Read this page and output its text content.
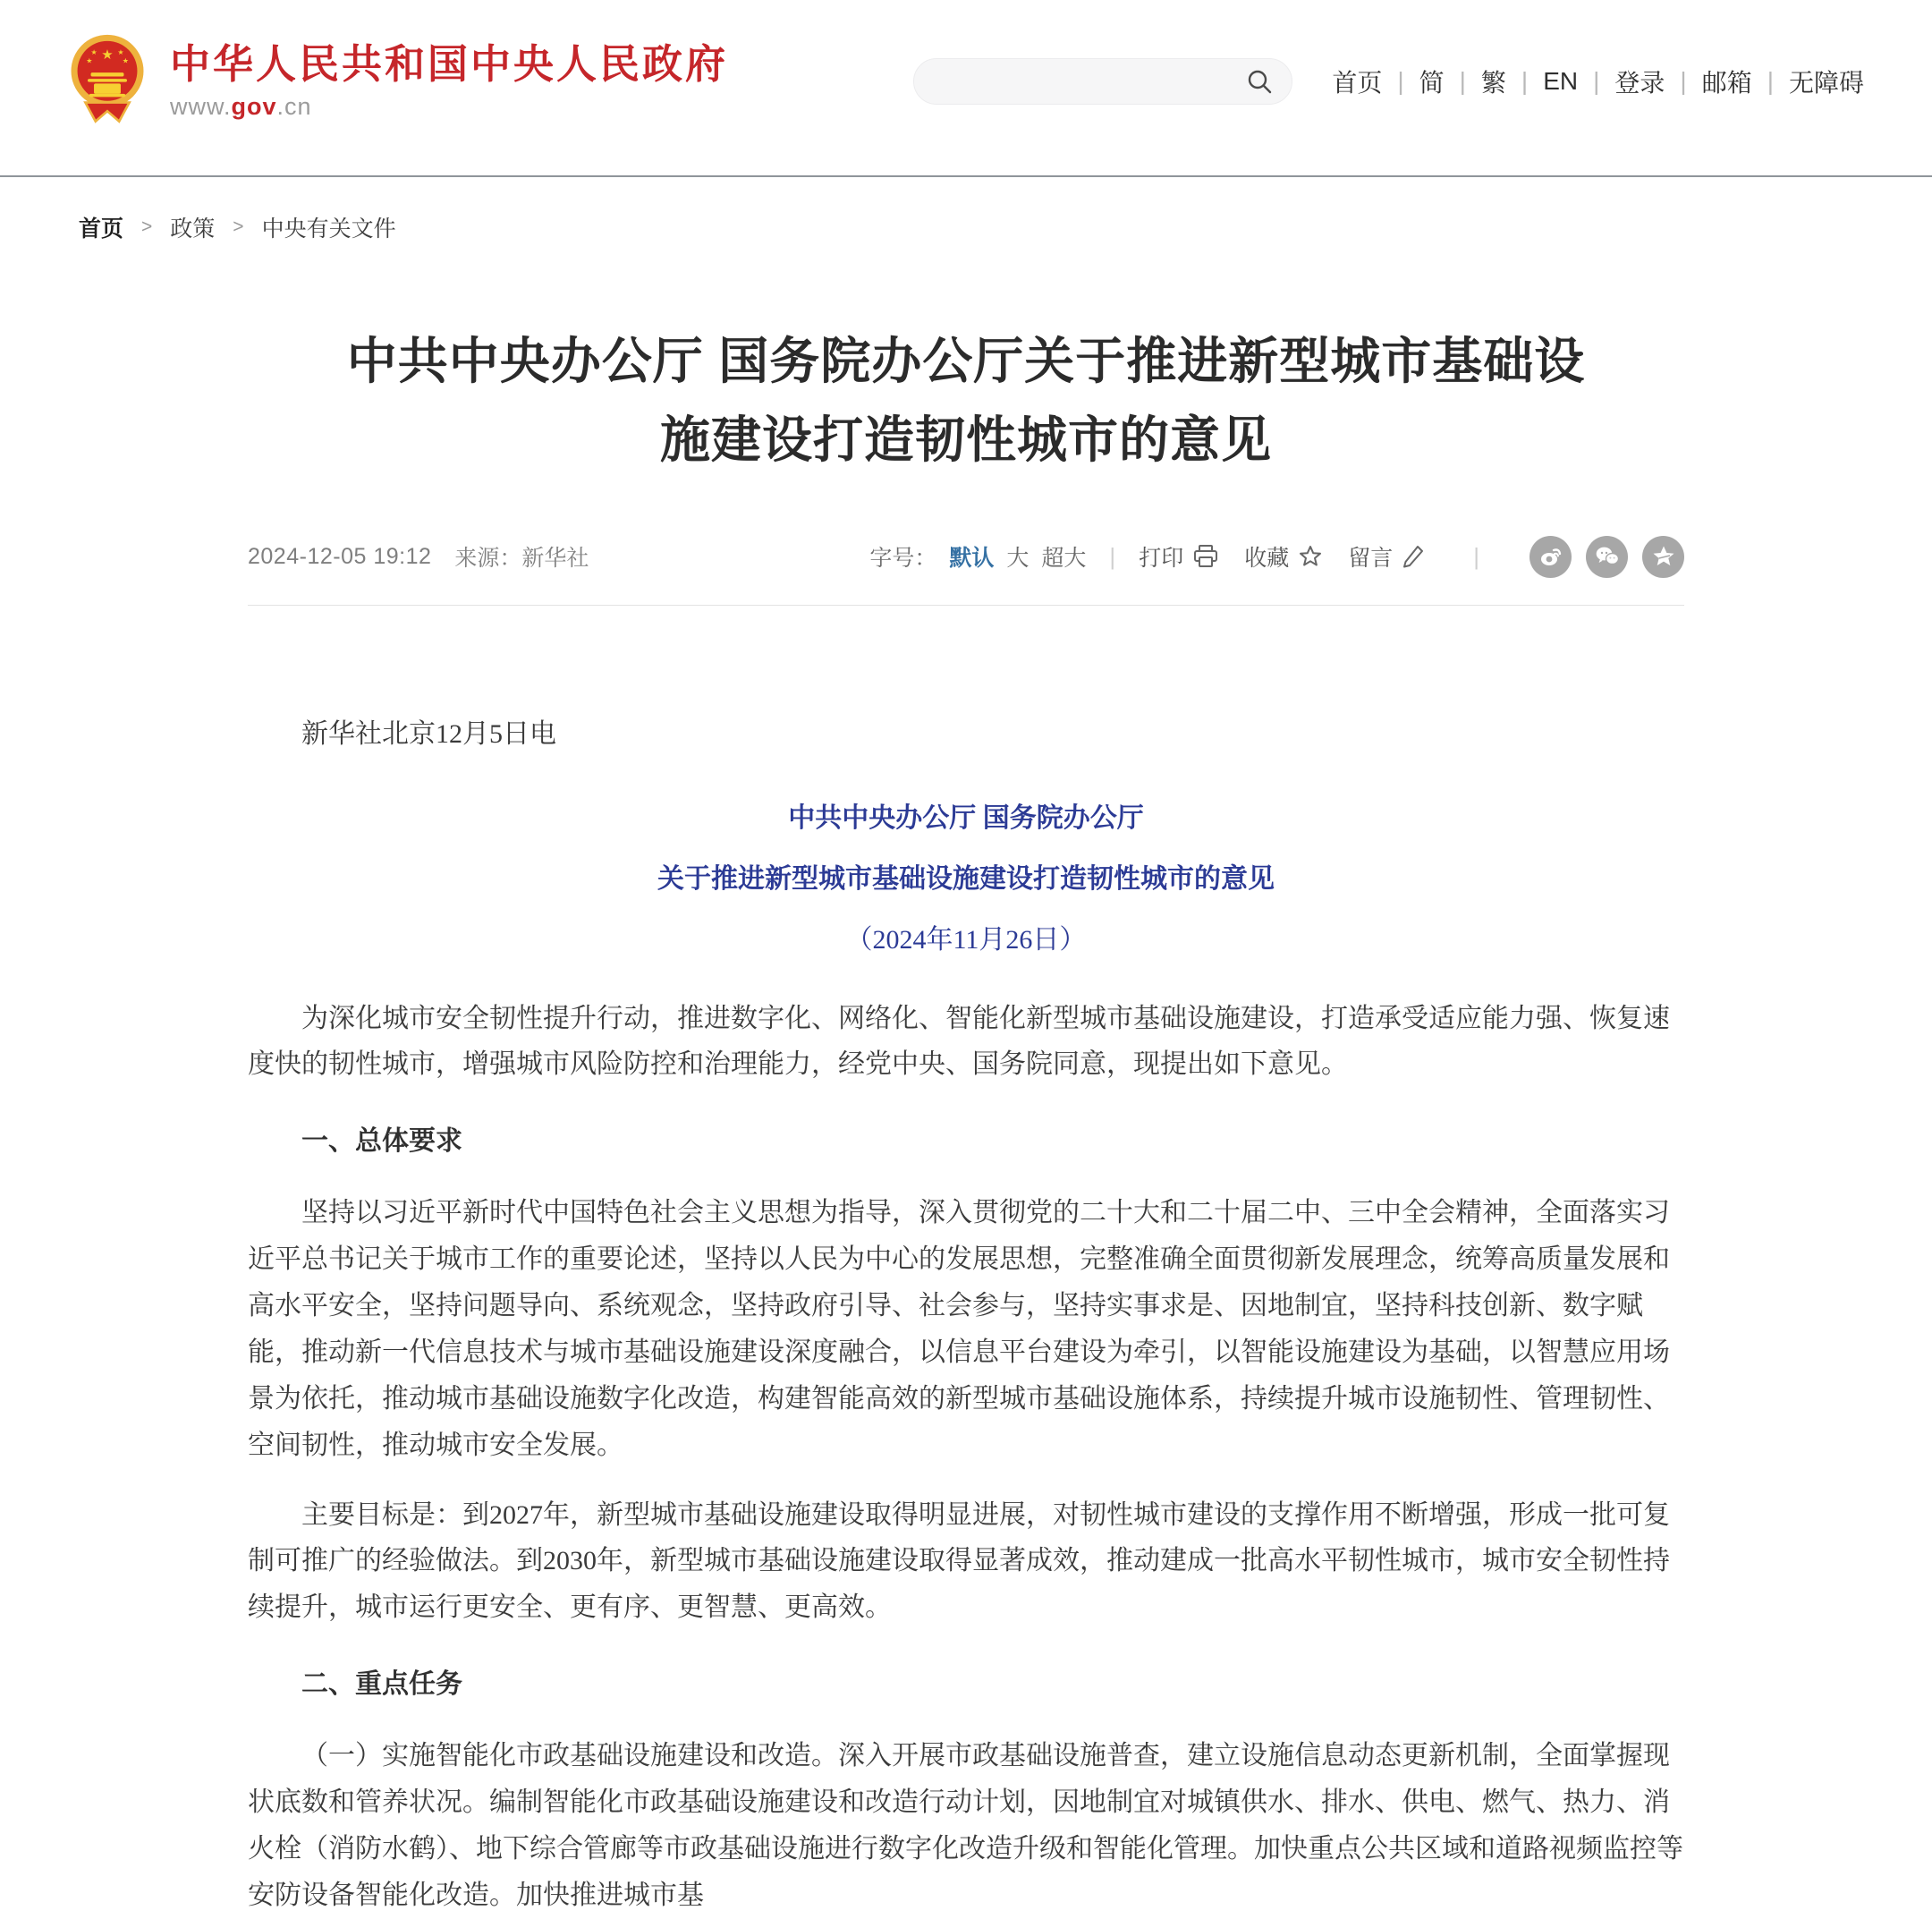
★
★	★
★	★ 中华人民共和国中央人民政府
www.gov.cn
首页 | 简 | 繁 | EN | 登录 | 邮箱 | 无障碍
首页 > 政策 > 中央有关文件
中共中央办公厅 国务院办公厅关于推进新型城市基础设
施建设打造韧性城市的意见
2024-12-05 19:12 来源： 新华社	字号： 默认 大 超大 | 打印	收藏	留言	|

新华社北京12月5日电

中共中央办公厅 国务院办公厅

关于推进新型城市基础设施建设打造韧性城市的意见

（2024年11月26日）

为深化城市安全韧性提升行动，推进数字化、网络化、智能化新型城市基础设施建设，打造承受适应能力强、恢复速度快的韧性城市，增强城市风险防控和治理能力，经党中央、国务院同意，现提出如下意见。

一、总体要求

坚持以习近平新时代中国特色社会主义思想为指导，深入贯彻党的二十大和二十届二中、三中全会精神，全面落实习近平总书记关于城市工作的重要论述，坚持以人民为中心的发展思想，完整准确全面贯彻新发展理念，统筹高质量发展和高水平安全，坚持问题导向、系统观念，坚持政府引导、社会参与，坚持实事求是、因地制宜，坚持科技创新、数字赋能，推动新一代信息技术与城市基础设施建设深度融合，以信息平台建设为牵引，以智能设施建设为基础，以智慧应用场景为依托，推动城市基础设施数字化改造，构建智能高效的新型城市基础设施体系，持续提升城市设施韧性、管理韧性、空间韧性，推动城市安全发展。

主要目标是：到2027年，新型城市基础设施建设取得明显进展，对韧性城市建设的支撑作用不断增强，形成一批可复制可推广的经验做法。到2030年，新型城市基础设施建设取得显著成效，推动建成一批高水平韧性城市，城市安全韧性持续提升，城市运行更安全、更有序、更智慧、更高效。

二、重点任务

（一）实施智能化市政基础设施建设和改造。深入开展市政基础设施普查，建立设施信息动态更新机制，全面掌握现状底数和管养状况。编制智能化市政基础设施建设和改造行动计划，因地制宜对城镇供水、排水、供电、燃气、热力、消火栓（消防水鹤）、地下综合管廊等市政基础设施进行数字化改造升级和智能化管理。加快重点公共区域和道路视频监控等安防设备智能化改造。加快推进城市基
